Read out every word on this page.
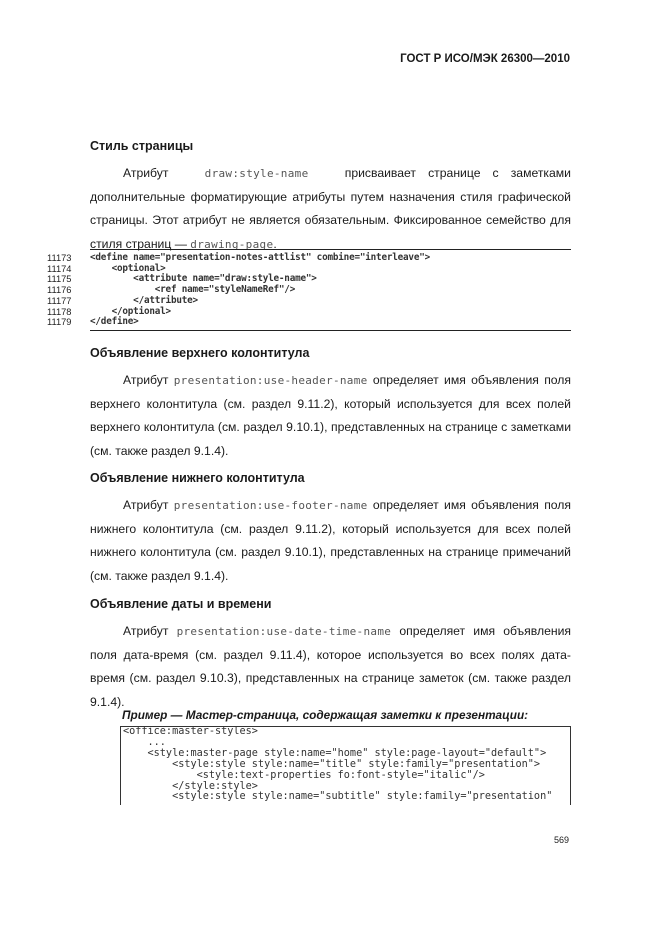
ГОСТ Р ИСО/МЭК 26300—2010
Стиль страницы
Атрибут	draw:style-name	присваивает странице с заметками дополнительные форматирующие атрибуты путем назначения стиля графической страницы. Этот атрибут не является обязательным. Фиксированное семейство для стиля страниц — drawing-page.
11173	<define name="presentation-notes-attlist" combine="interleave">
11174	<optional>
11175	<attribute name="draw:style-name">
11176	<ref name="styleNameRef"/>
11177	</attribute>
11178	</optional>
11179	</define>
Объявление верхнего колонтитула
Атрибут presentation:use-header-name определяет имя объявления поля верхнего колонтитула (см. раздел 9.11.2), который используется для всех полей верхнего колонтитула (см. раздел 9.10.1), представленных на странице с заметками (см. также раздел 9.1.4).
Объявление нижнего колонтитула
Атрибут presentation:use-footer-name определяет имя объявления поля нижнего колонтитула (см. раздел 9.11.2), который используется для всех полей нижнего колонтитула (см. раздел 9.10.1), представленных на странице примечаний (см. также раздел 9.1.4).
Объявление даты и времени
Атрибут presentation:use-date-time-name определяет имя объявления поля дата-время (см. раздел 9.11.4), которое используется во всех полях дата-время (см. раздел 9.10.3), представленных на странице заметок (см. также раздел 9.1.4).
Пример — Мастер-страница, содержащая заметки к презентации:
<office:master-styles>
...
<style:master-page style:name="home" style:page-layout="default">
<style:style style:name="title" style:family="presentation">
<style:text-properties fo:font-style="italic"/>
</style:style>
<style:style style:name="subtitle" style:family="presentation"
569
